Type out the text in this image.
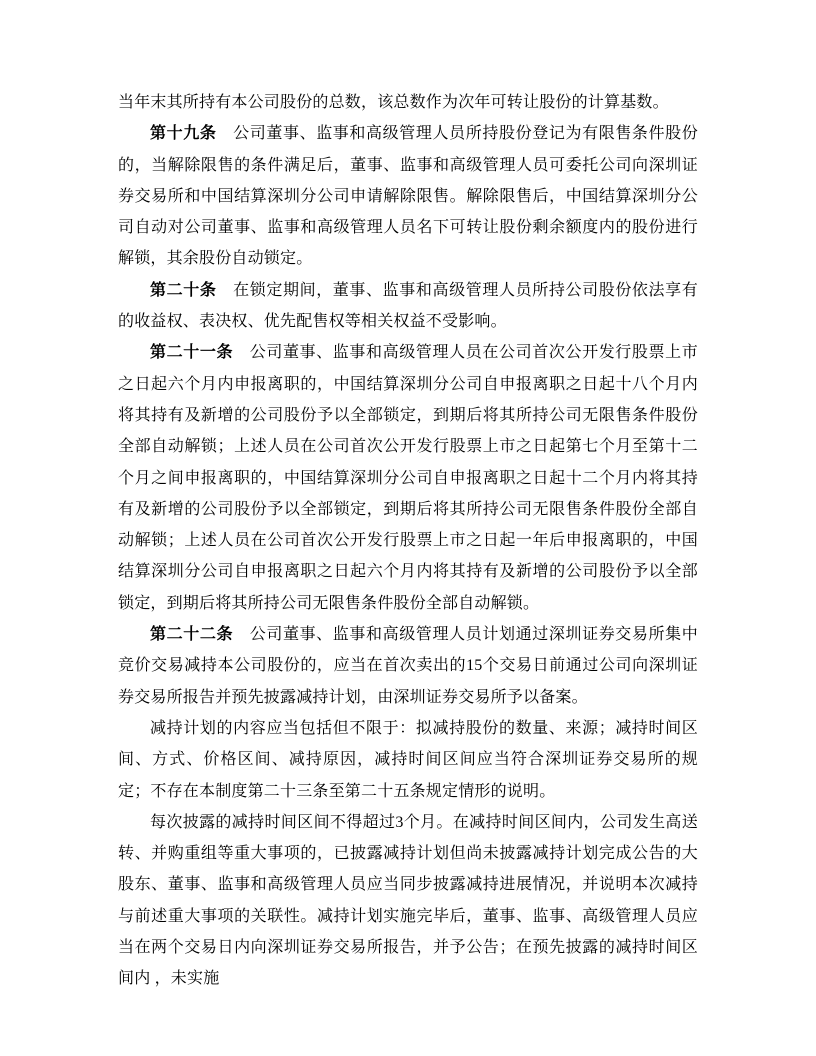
当年末其所持有本公司股份的总数，该总数作为次年可转让股份的计算基数。

第十九条　公司董事、监事和高级管理人员所持股份登记为有限售条件股份的，当解除限售的条件满足后，董事、监事和高级管理人员可委托公司向深圳证券交易所和中国结算深圳分公司申请解除限售。解除限售后，中国结算深圳分公司自动对公司董事、监事和高级管理人员名下可转让股份剩余额度内的股份进行解锁，其余股份自动锁定。

第二十条　在锁定期间，董事、监事和高级管理人员所持公司股份依法享有的收益权、表决权、优先配售权等相关权益不受影响。

第二十一条　公司董事、监事和高级管理人员在公司首次公开发行股票上市之日起六个月内申报离职的，中国结算深圳分公司自申报离职之日起十八个月内将其持有及新增的公司股份予以全部锁定，到期后将其所持公司无限售条件股份全部自动解锁；上述人员在公司首次公开发行股票上市之日起第七个月至第十二个月之间申报离职的，中国结算深圳分公司自申报离职之日起十二个月内将其持有及新增的公司股份予以全部锁定，到期后将其所持公司无限售条件股份全部自动解锁；上述人员在公司首次公开发行股票上市之日起一年后申报离职的，中国结算深圳分公司自申报离职之日起六个月内将其持有及新增的公司股份予以全部锁定，到期后将其所持公司无限售条件股份全部自动解锁。

第二十二条　公司董事、监事和高级管理人员计划通过深圳证券交易所集中竞价交易减持本公司股份的，应当在首次卖出的15个交易日前通过公司向深圳证券交易所报告并预先披露减持计划，由深圳证券交易所予以备案。

减持计划的内容应当包括但不限于：拟减持股份的数量、来源；减持时间区间、方式、价格区间、减持原因，减持时间区间应当符合深圳证券交易所的规定；不存在本制度第二十三条至第二十五条规定情形的说明。

每次披露的减持时间区间不得超过3个月。在减持时间区间内，公司发生高送转、并购重组等重大事项的，已披露减持计划但尚未披露减持计划完成公告的大股东、董事、监事和高级管理人员应当同步披露减持进展情况，并说明本次减持与前述重大事项的关联性。减持计划实施完毕后，董事、监事、高级管理人员应当在两个交易日内向深圳证券交易所报告，并予公告；在预先披露的减持时间区间内 ，未实施
